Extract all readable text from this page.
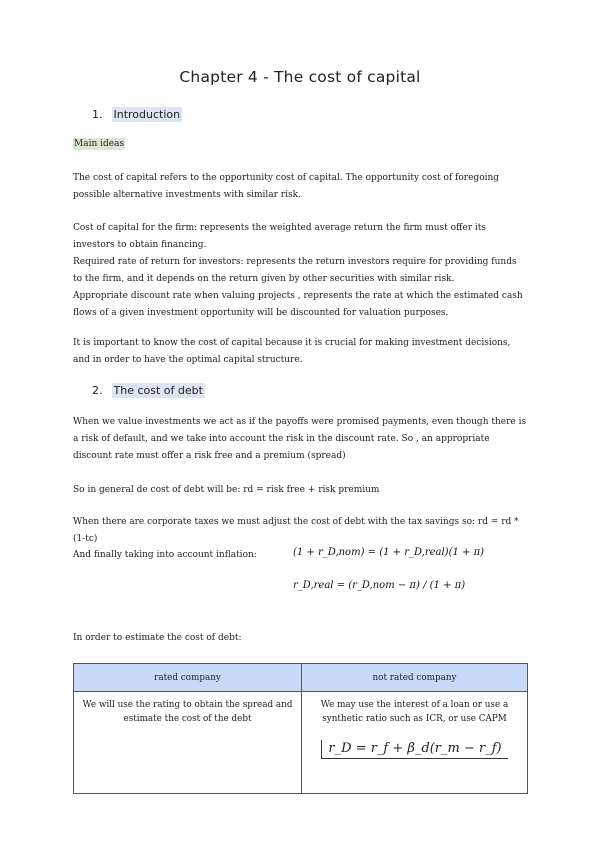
Chapter 4 - The cost of capital
1. Introduction
Main ideas
The cost of capital refers to the opportunity cost of capital. The opportunity cost of foregoing possible alternative investments with similar risk.
Cost of capital for the firm: represents the weighted average return the firm must offer its investors to obtain financing.
Required rate of return for investors: represents the return investors require for providing funds to the firm, and it depends on the return given by other securities with similar risk.
Appropriate discount rate when valuing projects , represents the rate at which the estimated cash flows of a given investment opportunity will be discounted for valuation purposes.
It is important to know the cost of capital because it is crucial for making investment decisions, and in order to have the optimal capital structure.
2. The cost of debt
When we value investments we act as if the payoffs were promised payments, even though there is a risk of default, and we take into account the risk in the discount rate. So , an appropriate discount rate must offer a risk free and a premium (spread)
So in general de cost of debt will be: rd = risk free + risk premium
When there are corporate taxes we must adjust the cost of debt with the tax savings so: rd = rd *(1-tc)
And finally taking into account inflation:	(1 + r_D,nom) = (1 + r_D,real)(1 + π)
r_D,real = (r_D,nom − π) / (1 + π)
In order to estimate the cost of debt:
rated company	not rated company

We will use the rating to obtain the spread and estimate the cost of the debt	We may use the interest of a loan or use a synthetic ratio such as ICR, or use CAPM
r_D = r_f + β_d(r_m − r_f)
